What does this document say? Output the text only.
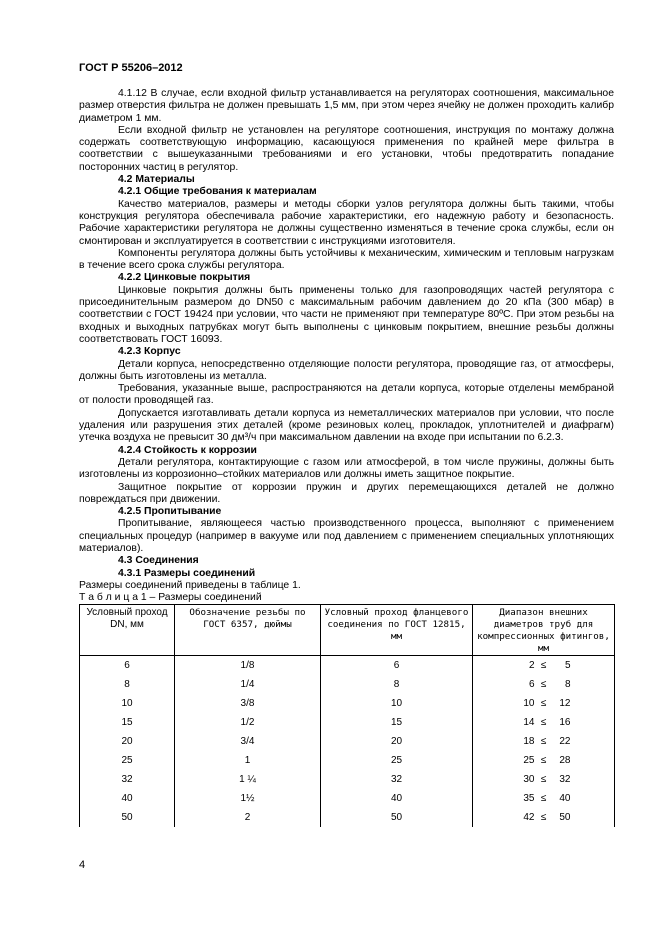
ГОСТ Р 55206–2012

4.1.12 В случае, если входной фильтр устанавливается на регуляторах соотношения, максимальное размер отверстия фильтра не должен превышать 1,5 мм, при этом через ячейку не должен проходить калибр диаметром 1 мм.

Если входной фильтр не установлен на регуляторе соотношения, инструкция по монтажу должна содержать соответствующую информацию, касающуюся применения по крайней мере фильтра в соответствии с вышеуказанными требованиями и его установки, чтобы предотвратить попадание посторонних частиц в регулятор.

4.2 Материалы
4.2.1 Общие требования к материалам

Качество материалов, размеры и методы сборки узлов регулятора должны быть такими, чтобы конструкция регулятора обеспечивала рабочие характеристики, его надежную работу и безопасность. Рабочие характеристики регулятора не должны существенно изменяться в течение срока службы, если он смонтирован и эксплуатируется в соответствии с инструкциями изготовителя.

Компоненты регулятора должны быть устойчивы к механическим, химическим и тепловым нагрузкам в течение всего срока службы регулятора.

4.2.2 Цинковые покрытия

Цинковые покрытия должны быть применены только для газопроводящих частей регулятора с присоединительным размером до DN50 с максимальным рабочим давлением до 20 кПа (300 мбар) в соответствии с ГОСТ 19424 при условии, что части не применяют при температуре 80ºС. При этом резьбы на входных и выходных патрубках могут быть выполнены с цинковым покрытием, внешние резьбы должны соответствовать ГОСТ 16093.

4.2.3 Корпус

Детали корпуса, непосредственно отделяющие полости регулятора, проводящие газ, от атмосферы, должны быть изготовлены из металла.

Требования, указанные выше, распространяются на детали корпуса, которые отделены мембраной от полости проводящей газ.

Допускается изготавливать детали корпуса из неметаллических материалов при условии, что после удаления или разрушения этих деталей (кроме резиновых колец, прокладок, уплотнителей и диафрагм) утечка воздуха не превысит 30 дм³/ч при максимальном давлении на входе при испытании по 6.2.3.

4.2.4 Стойкость к коррозии

Детали регулятора, контактирующие с газом или атмосферой, в том числе пружины, должны быть изготовлены из коррозионно–стойких материалов или должны иметь защитное покрытие.

Защитное покрытие от коррозии пружин и других перемещающихся деталей не должно повреждаться при движении.

4.2.5 Пропитывание

Пропитывание, являющееся частью производственного процесса, выполняют с применением специальных процедур (например в вакууме или под давлением с применением специальных уплотняющих материалов).

4.3 Соединения
4.3.1 Размеры соединений

Размеры соединений приведены в таблице 1.

Т а б л и ц а 1 – Размеры соединений
Условный проход DN, мм	Обозначение резьбы по ГОСТ 6357, дюймы	Условный проход фланцевого соединения по ГОСТ 12815, мм	Диапазон внешних диаметров труб для компрессионных фитингов, мм
6	1/8	6	2 ≤ 5
8	1/4	8	6 ≤ 8
10	3/8	10	10 ≤ 12
15	1/2	15	14 ≤ 16
20	3/4	20	18 ≤ 22
25	1	25	25 ≤ 28
32	1 ¼	32	30 ≤ 32
40	1½	40	35 ≤ 40
50	2	50	42 ≤ 50
4
